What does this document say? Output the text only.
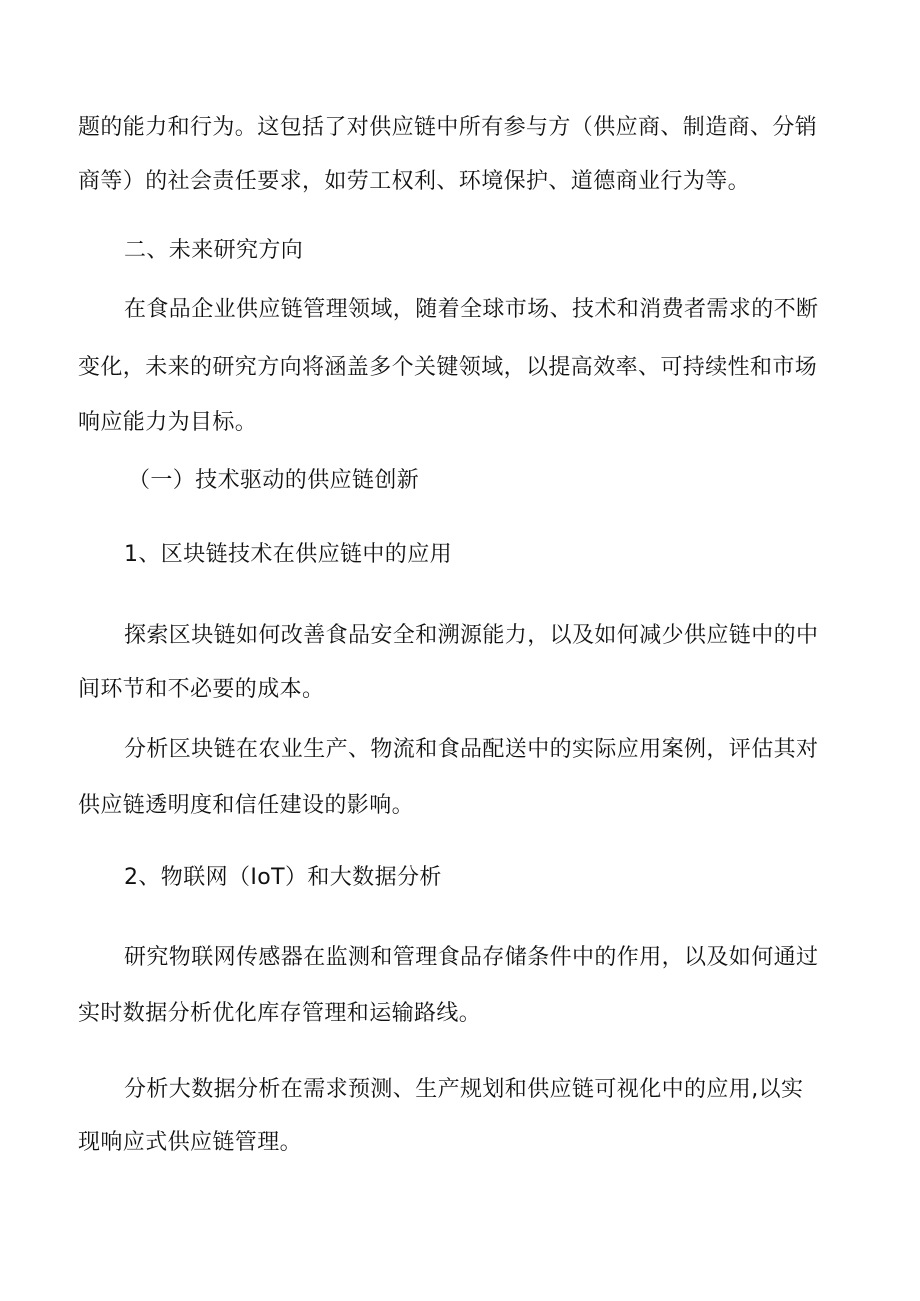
题的能力和行为。这包括了对供应链中所有参与方（供应商、制造商、分销
商等）的社会责任要求，如劳工权利、环境保护、道德商业行为等。
二、未来研究方向
在食品企业供应链管理领域，随着全球市场、技术和消费者需求的不断
变化，未来的研究方向将涵盖多个关键领域，以提高效率、可持续性和市场
响应能力为目标。
（一）技术驱动的供应链创新
1、区块链技术在供应链中的应用
探索区块链如何改善食品安全和溯源能力，以及如何减少供应链中的中
间环节和不必要的成本。
分析区块链在农业生产、物流和食品配送中的实际应用案例，评估其对
供应链透明度和信任建设的影响。
2、物联网（IoT）和大数据分析
研究物联网传感器在监测和管理食品存储条件中的作用，以及如何通过
实时数据分析优化库存管理和运输路线。
分析大数据分析在需求预测、生产规划和供应链可视化中的应用,以实
现响应式供应链管理。
